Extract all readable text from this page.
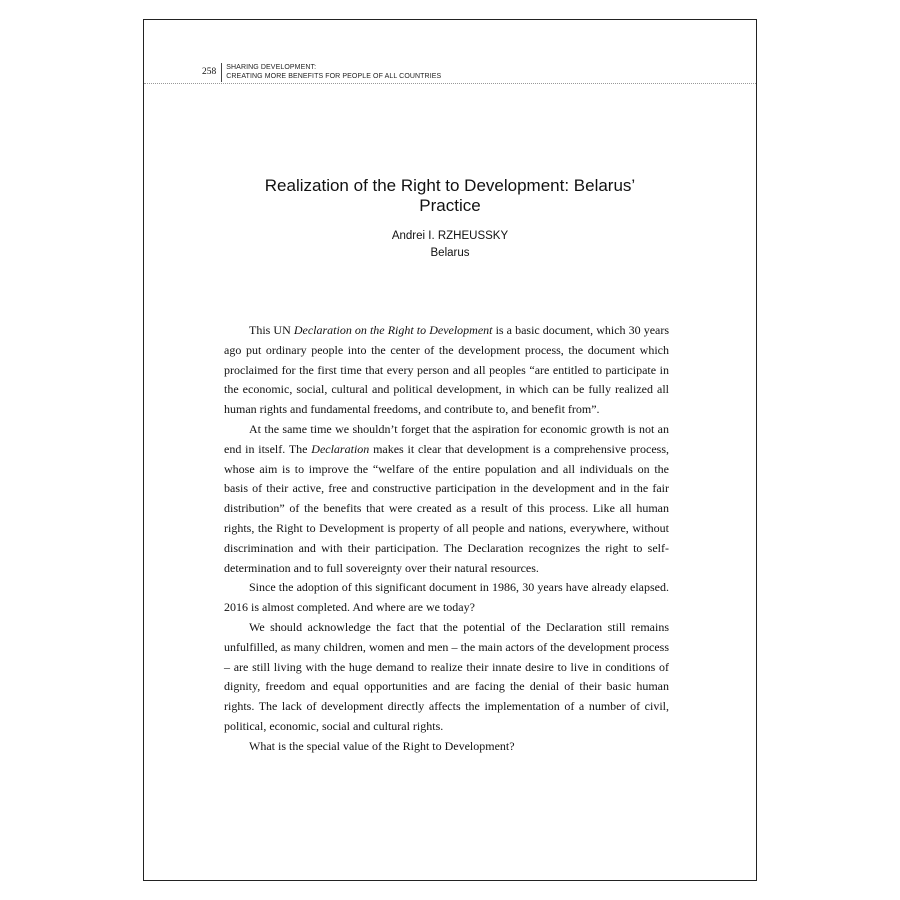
258	SHARING DEVELOPMENT:
CREATING MORE BENEFITS FOR PEOPLE OF ALL COUNTRIES
Realization of the Right to Development: Belarus’
Practice
Andrei I. RZHEUSSKY
Belarus

This UN Declaration on the Right to Development is a basic document, which 30 years ago put ordinary people into the center of the development process, the document which proclaimed for the first time that every person and all peoples “are entitled to participate in the economic, social, cultural and political development, in which can be fully realized all human rights and fundamental freedoms, and contribute to, and benefit from”.

At the same time we shouldn’t forget that the aspiration for economic growth is not an end in itself. The Declaration makes it clear that development is a comprehensive process, whose aim is to improve the “welfare of the entire population and all individuals on the basis of their active, free and constructive participation in the development and in the fair distribution” of the benefits that were created as a result of this process. Like all human rights, the Right to Development is property of all people and nations, everywhere, without discrimination and with their participation. The Declaration recognizes the right to self-determination and to full sovereignty over their natural resources.

Since the adoption of this significant document in 1986, 30 years have already elapsed. 2016 is almost completed. And where are we today?

We should acknowledge the fact that the potential of the Declaration still remains unfulfilled, as many children, women and men – the main actors of the development process – are still living with the huge demand to realize their innate desire to live in conditions of dignity, freedom and equal opportunities and are facing the denial of their basic human rights. The lack of development directly affects the implementation of a number of civil, political, economic, social and cultural rights.

What is the special value of the Right to Development?
